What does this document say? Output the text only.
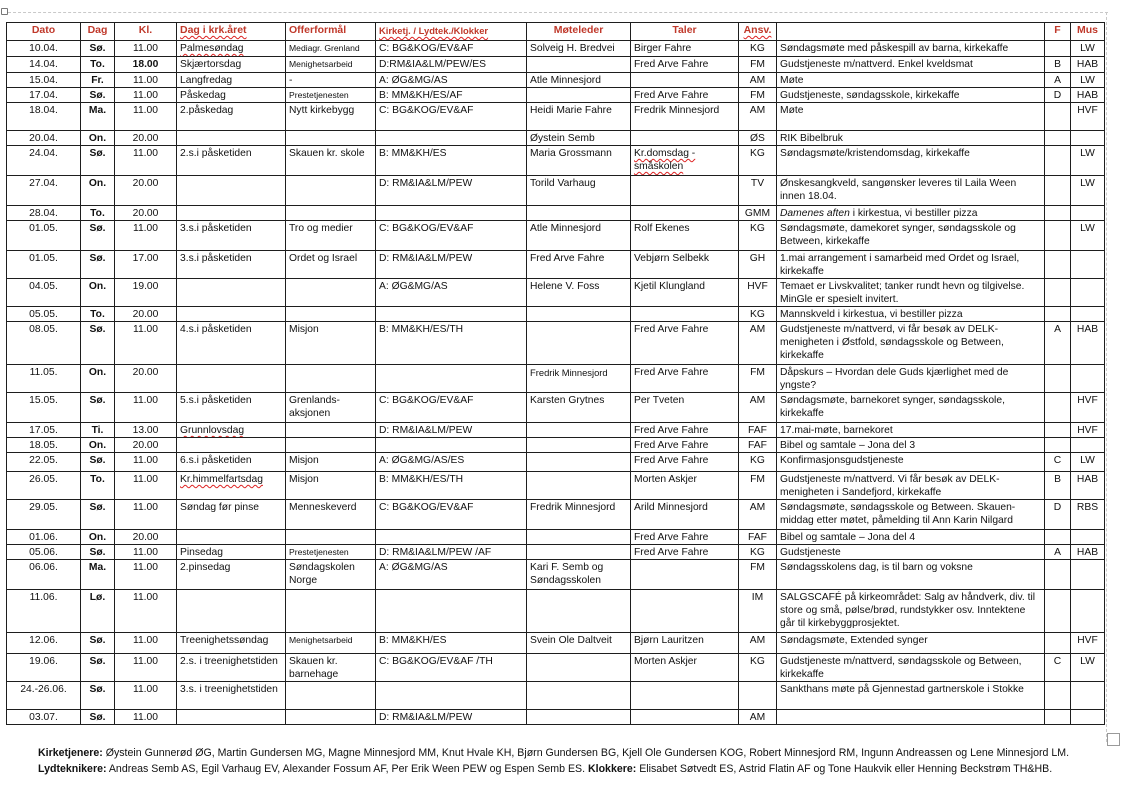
Dato	Dag	Kl.	Dag i krk.året	Offerformål	Kirketj. / Lydtek./Klokker	Møteleder	Taler	Ansv.		F	Mus
10.04.	Sø.	11.00	Palmesøndag	Mediagr. Grenland	C: BG&KOG/EV&AF	Solveig H. Bredvei	Birger Fahre	KG	Søndagsmøte med påskespill av barna, kirkekaffe		LW
14.04.	To.	18.00	Skjærtorsdag	Menighetsarbeid	D:RM&IA&LM/PEW/ES		Fred Arve Fahre	FM	Gudstjeneste m/nattverd. Enkel kveldsmat	B	HAB
15.04.	Fr.	11.00	Langfredag	-	A: ØG&MG/AS	Atle Minnesjord		AM	Møte	A	LW
17.04.	Sø.	11.00	Påskedag	Prestetjenesten	B: MM&KH/ES/AF		Fred Arve Fahre	FM	Gudstjeneste, søndagsskole, kirkekaffe	D	HAB
18.04.	Ma.	11.00	2.påskedag	Nytt kirkebygg	C: BG&KOG/EV&AF	Heidi Marie Fahre	Fredrik Minnesjord	AM	Møte		HVF
20.04.	On.	20.00				Øystein Semb		ØS	RIK Bibelbruk		
24.04.	Sø.	11.00	2.s.i påsketiden	Skauen kr. skole	B: MM&KH/ES	Maria Grossmann	Kr.domsdag - småskolen	KG	Søndagsmøte/kristendomsdag, kirkekaffe		LW
27.04.	On.	20.00			D: RM&IA&LM/PEW	Torild Varhaug		TV	Ønskesangkveld, sangønsker leveres til Laila Ween innen 18.04.		LW
28.04.	To.	20.00						GMM	Damenes aften i kirkestua, vi bestiller pizza		
01.05.	Sø.	11.00	3.s.i påsketiden	Tro og medier	C: BG&KOG/EV&AF	Atle Minnesjord	Rolf Ekenes	KG	Søndagsmøte, damekoret synger, søndagsskole og Between, kirkekaffe		LW
01.05.	Sø.	17.00	3.s.i påsketiden	Ordet og Israel	D: RM&IA&LM/PEW	Fred Arve Fahre	Vebjørn Selbekk	GH	1.mai arrangement i samarbeid med Ordet og Israel, kirkekaffe		
04.05.	On.	19.00			A: ØG&MG/AS	Helene V. Foss	Kjetil Klungland	HVF	Temaet er Livskvalitet; tanker rundt hevn og tilgivelse. MinGle er spesielt invitert.		
05.05.	To.	20.00						KG	Mannskveld i kirkestua, vi bestiller pizza		
08.05.	Sø.	11.00	4.s.i påsketiden	Misjon	B: MM&KH/ES/TH		Fred Arve Fahre	AM	Gudstjeneste m/nattverd, vi får besøk av DELK-menigheten i Østfold, søndagsskole og Between, kirkekaffe	A	HAB
11.05.	On.	20.00				Fredrik Minnesjord	Fred Arve Fahre	FM	Dåpskurs – Hvordan dele Guds kjærlighet med de yngste?		
15.05.	Sø.	11.00	5.s.i påsketiden	Grenlands-aksjonen	C: BG&KOG/EV&AF	Karsten Grytnes	Per Tveten	AM	Søndagsmøte, barnekoret synger, søndagsskole, kirkekaffe		HVF
17.05.	Ti.	13.00	Grunnlovsdag		D: RM&IA&LM/PEW		Fred Arve Fahre	FAF	17.mai-møte, barnekoret		HVF
18.05.	On.	20.00					Fred Arve Fahre	FAF	Bibel og samtale – Jona del 3		
22.05.	Sø.	11.00	6.s.i påsketiden	Misjon	A: ØG&MG/AS/ES		Fred Arve Fahre	KG	Konfirmasjonsgudstjeneste	C	LW
26.05.	To.	11.00	Kr.himmelfartsdag	Misjon	B: MM&KH/ES/TH		Morten Askjer	FM	Gudstjeneste m/nattverd. Vi får besøk av DELK-menigheten i Sandefjord, kirkekaffe	B	HAB
29.05.	Sø.	11.00	Søndag før pinse	Menneskeverd	C: BG&KOG/EV&AF	Fredrik Minnesjord	Arild Minnesjord	AM	Søndagsmøte, søndagsskole og Between. Skauen-middag etter møtet, påmelding til Ann Karin Nilgard	D	RBS
01.06.	On.	20.00					Fred Arve Fahre	FAF	Bibel og samtale – Jona del 4		
05.06.	Sø.	11.00	Pinsedag	Prestetjenesten	D: RM&IA&LM/PEW /AF		Fred Arve Fahre	KG	Gudstjeneste	A	HAB
06.06.	Ma.	11.00	2.pinsedag	Søndagskolen Norge	A: ØG&MG/AS	Kari F. Semb og Søndagsskolen		FM	Søndagsskolens dag, is til barn og voksne		
11.06.	Lø.	11.00						IM	SALGSCAFÉ på kirkeområdet: Salg av håndverk, div. til store og små, pølse/brød, rundstykker osv. Inntektene går til kirkebyggprosjektet.		
12.06.	Sø.	11.00	Treenighetssøndag	Menighetsarbeid	B: MM&KH/ES	Svein Ole Daltveit	Bjørn Lauritzen	AM	Søndagsmøte, Extended synger		HVF
19.06.	Sø.	11.00	2.s. i treenighetstiden	Skauen kr. barnehage	C: BG&KOG/EV&AF /TH		Morten Askjer	KG	Gudstjeneste m/nattverd, søndagsskole og Between, kirkekaffe	C	LW
24.-26.06.	Sø.	11.00	3.s. i treenighetstiden						Sankthans møte på Gjennestad gartnerskole i Stokke		
03.07.	Sø.	11.00			D: RM&IA&LM/PEW			AM			
Kirketjenere: Øystein Gunnerød ØG, Martin Gundersen MG, Magne Minnesjord MM, Knut Hvale KH, Bjørn Gundersen BG, Kjell Ole Gundersen KOG, Robert Minnesjord RM, Ingunn Andreassen og Lene Minnesjord LM. Lydteknikere: Andreas Semb AS, Egil Varhaug EV, Alexander Fossum AF, Per Erik Ween PEW og Espen Semb ES. Klokkere: Elisabet Søtvedt ES, Astrid Flatin AF og Tone Haukvik eller Henning Beckstrøm TH&HB.
